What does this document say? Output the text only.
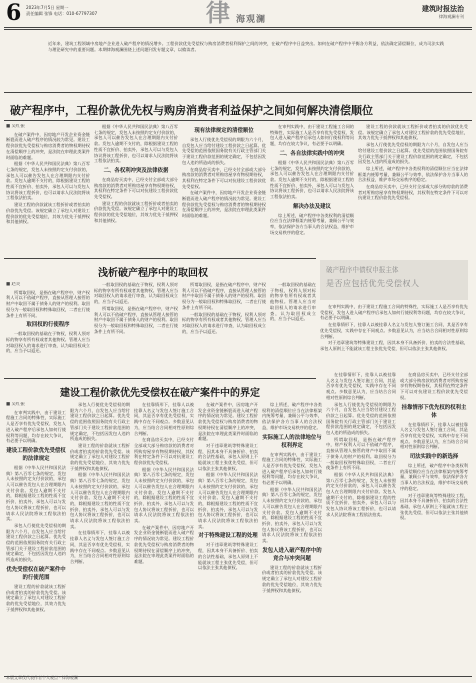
6 2023年7月5日 星期一
责任编辑 张锋 电话：010-67797307	律 海观澜
建筑时报法治
律海观澜专刊
近年来，建筑工程领域中房地产企业进入破产程序的情况增多。工程价款优先受偿权与购房消费者权利保护之间的冲突，在破产程序中日益突出。如何在破产程序中平衡各方利益，依法确定清偿顺位，成为司法实践与理论研究中的重要问题。本期律海观澜围绕上述问题刊发专题文章，以飨读者。
破产程序中，工程价款优先权与购房消费者利益保护之间如何解决清偿顺位

■ 吴红振

在破产案件中，因房地产开发企业资金链断裂而进入破产程序的情况较为常见。建设工程价款优先受偿权与购房消费者的物权期待权在清偿顺序上的冲突，是法院在审理此类案件时面临的难题。

根据《中华人民共和国民法典》第八百零七条的规定，发包人未按照约定支付价款的，承包人可以催告发包人在合理期限内支付价款。发包人逾期不支付的，除根据建设工程的性质不宜折价、拍卖外，承包人可以与发包人协议将该工程折价，也可以请求人民法院将该工程依法拍卖。

建设工程的价款就该工程折价或者拍卖的价款优先受偿。该规定确立了承包人对建设工程价款的优先受偿地位，其效力优先于抵押权和其他债权。

根据《中华人民共和国民法典》第八百零七条的规定，发包人未按照约定支付价款的，承包人可以催告发包人在合理期限内支付价款。发包人逾期不支付的，除根据建设工程的性质不宜折价、拍卖外，承包人可以与发包人协议将该工程折价，也可以请求人民法院将该工程依法拍卖。

二、各权利冲突及法律依据

在商品房买卖中，已经支付全部或大部分购房款的消费者对所购房屋享有物权期待权，其权利在特定条件下可以对抗建设工程价款优先受偿权。

建设工程的价款就该工程折价或者拍卖的价款优先受偿。该规定确立了承包人对建设工程价款的优先受偿地位，其效力优先于抵押权和其他债权。

现有法律规定的清偿顺位

承包人行使优先受偿权的期限为六个月，自发包人应当给付建设工程价款之日起算。优先受偿的范围依照国务院有关行政主管部门关于建设工程价款范围的规定确定，不包括因发包人违约所造成的损失。

在商品房买卖中，已经支付全部或大部分购房款的消费者对所购房屋享有物权期待权，其权利在特定条件下可以对抗建设工程价款优先受偿权。

在破产案件中，因房地产开发企业资金链断裂而进入破产程序的情况较为常见。建设工程价款优先受偿权与购房消费者的物权期待权在清偿顺序上的冲突，是法院在审理此类案件时面临的难题。

在审判实践中，由于建设工程施工合同的特殊性，实际施工人是否享有优先受偿权、发包人进入破产程序后承包人如何行使权利等问题，均存在较大争议，有必要予以明确。

二、各自法律实践中的冲突

根据《中华人民共和国民法典》第八百零七条的规定，发包人未按照约定支付价款的，承包人可以催告发包人在合理期限内支付价款。发包人逾期不支付的，除根据建设工程的性质不宜折价、拍卖外，承包人可以与发包人协议将该工程折价，也可以请求人民法院将该工程依法拍卖。

解决办法及建议

综上所述，破产程序中各类权利的清偿顺位应当在法律框架内统筹考量，兼顾公平与效率，依法保护各方当事人的合法权益，维护市场交易秩序的稳定。

建设工程的价款就该工程折价或者拍卖的价款优先受偿。该规定确立了承包人对建设工程价款的优先受偿地位，其效力优先于抵押权和其他债权。

承包人行使优先受偿权的期限为六个月，自发包人应当给付建设工程价款之日起算。优先受偿的范围依照国务院有关行政主管部门关于建设工程价款范围的规定确定，不包括因发包人违约所造成的损失。

综上所述，破产程序中各类权利的清偿顺位应当在法律框架内统筹考量，兼顾公平与效率，依法保护各方当事人的合法权益，维护市场交易秩序的稳定。

在商品房买卖中，已经支付全部或大部分购房款的消费者对所购房屋享有物权期待权，其权利在特定条件下可以对抗建设工程价款优先受偿权。

浅析破产程序中的取回权

■ 赵炎

所谓取回权，是指在破产程序中，财产权利人可以不依破产程序，直接从管理人接管的财产中取回不属于债务人的财产的权利。取回权分为一般取回权和特殊取回权，二者在行使条件上有所不同。

取回权的行使程序

一般取回权的基础在于物权，权利人须对标的物享有所有权或者其他物权。管理人应当对取回权人的请求进行审查，认为取回权成立的，应当予以返还。

一般取回权的基础在于物权，权利人须对标的物享有所有权或者其他物权。管理人应当对取回权人的请求进行审查，认为取回权成立的，应当予以返还。

所谓取回权，是指在破产程序中，财产权利人可以不依破产程序，直接从管理人接管的财产中取回不属于债务人的财产的权利。取回权分为一般取回权和特殊取回权，二者在行使条件上有所不同。

所谓取回权，是指在破产程序中，财产权利人可以不依破产程序，直接从管理人接管的财产中取回不属于债务人的财产的权利。取回权分为一般取回权和特殊取回权，二者在行使条件上有所不同。

一般取回权的基础在于物权，权利人须对标的物享有所有权或者其他物权。管理人应当对取回权人的请求进行审查，认为取回权成立的，应当予以返还。

一般取回权的基础在于物权，权利人须对标的物享有所有权或者其他物权。管理人应当对取回权人的请求进行审查，认为取回权成立的，应当予以返还。

破产程序中债权申报主体
是否应包括优先受偿权人

在审判实践中，由于建设工程施工合同的特殊性，实际施工人是否享有优先受偿权、发包人进入破产程序后承包人如何行使权利等问题，均存在较大争议，有必要予以明确。

在挂靠情形下，挂靠人以被挂靠人名义与发包人签订施工合同，其是否享有优先受偿权，实践中存在不同观点。多数意见认为，应当结合合同相对性原则综合判断。

对于违章建筑等特殊建设工程，因其本身不具备折价、拍卖的合法性基础，承包人原则上不能就该工程主张优先受偿，但可以依法主张其他债权。

建设工程价款优先受偿权在破产案件中的界定

■ 吴红振

在审判实践中，由于建设工程施工合同的特殊性，实际施工人是否享有优先受偿权、发包人进入破产程序后承包人如何行使权利等问题，均存在较大争议，有必要予以明确。

建设工程价款优先受偿权的法律规定

根据《中华人民共和国民法典》第八百零七条的规定，发包人未按照约定支付价款的，承包人可以催告发包人在合理期限内支付价款。发包人逾期不支付的，除根据建设工程的性质不宜折价、拍卖外，承包人可以与发包人协议将该工程折价，也可以请求人民法院将该工程依法拍卖。

承包人行使优先受偿权的期限为六个月，自发包人应当给付建设工程价款之日起算。优先受偿的范围依照国务院有关行政主管部门关于建设工程价款范围的规定确定，不包括因发包人违约所造成的损失。

优先受偿权在破产案件中的行使范围

建设工程的价款就该工程折价或者拍卖的价款优先受偿。该规定确立了承包人对建设工程价款的优先受偿地位，其效力优先于抵押权和其他债权。

承包人行使优先受偿权的期限为六个月，自发包人应当给付建设工程价款之日起算。优先受偿的范围依照国务院有关行政主管部门关于建设工程价款范围的规定确定，不包括因发包人违约所造成的损失。

建设工程的价款就该工程折价或者拍卖的价款优先受偿。该规定确立了承包人对建设工程价款的优先受偿地位，其效力优先于抵押权和其他债权。

根据《中华人民共和国民法典》第八百零七条的规定，发包人未按照约定支付价款的，承包人可以催告发包人在合理期限内支付价款。发包人逾期不支付的，除根据建设工程的性质不宜折价、拍卖外，承包人可以与发包人协议将该工程折价，也可以请求人民法院将该工程依法拍卖。

在挂靠情形下，挂靠人以被挂靠人名义与发包人签订施工合同，其是否享有优先受偿权，实践中存在不同观点。多数意见认为，应当结合合同相对性原则综合判断。

在挂靠情形下，挂靠人以被挂靠人名义与发包人签订施工合同，其是否享有优先受偿权，实践中存在不同观点。多数意见认为，应当结合合同相对性原则综合判断。

在商品房买卖中，已经支付全部或大部分购房款的消费者对所购房屋享有物权期待权，其权利在特定条件下可以对抗建设工程价款优先受偿权。

根据《中华人民共和国民法典》第八百零七条的规定，发包人未按照约定支付价款的，承包人可以催告发包人在合理期限内支付价款。发包人逾期不支付的，除根据建设工程的性质不宜折价、拍卖外，承包人可以与发包人协议将该工程折价，也可以请求人民法院将该工程依法拍卖。

在破产案件中，因房地产开发企业资金链断裂而进入破产程序的情况较为常见。建设工程价款优先受偿权与购房消费者的物权期待权在清偿顺序上的冲突，是法院在审理此类案件时面临的难题。

在破产案件中，因房地产开发企业资金链断裂而进入破产程序的情况较为常见。建设工程价款优先受偿权与购房消费者的物权期待权在清偿顺序上的冲突，是法院在审理此类案件时面临的难题。

对于违章建筑等特殊建设工程，因其本身不具备折价、拍卖的合法性基础，承包人原则上不能就该工程主张优先受偿，但可以依法主张其他债权。

根据《中华人民共和国民法典》第八百零七条的规定，发包人未按照约定支付价款的，承包人可以催告发包人在合理期限内支付价款。发包人逾期不支付的，除根据建设工程的性质不宜折价、拍卖外，承包人可以与发包人协议将该工程折价，也可以请求人民法院将该工程依法拍卖。

对于特殊建设工程的处理

对于违章建筑等特殊建设工程，因其本身不具备折价、拍卖的合法性基础，承包人原则上不能就该工程主张优先受偿，但可以依法主张其他债权。

综上所述，破产程序中各类权利的清偿顺位应当在法律框架内统筹考量，兼顾公平与效率，依法保护各方当事人的合法权益，维护市场交易秩序的稳定。

实际施工人的法律地位与权利界定

在审判实践中，由于建设工程施工合同的特殊性，实际施工人是否享有优先受偿权、发包人进入破产程序后承包人如何行使权利等问题，均存在较大争议，有必要予以明确。

根据《中华人民共和国民法典》第八百零七条的规定，发包人未按照约定支付价款的，承包人可以催告发包人在合理期限内支付价款。发包人逾期不支付的，除根据建设工程的性质不宜折价、拍卖外，承包人可以与发包人协议将该工程折价，也可以请求人民法院将该工程依法拍卖。

发包人进入破产程序中的竞合与冲突问题

建设工程的价款就该工程折价或者拍卖的价款优先受偿。该规定确立了承包人对建设工程价款的优先受偿地位，其效力优先于抵押权和其他债权。

在挂靠情形下，挂靠人以被挂靠人名义与发包人签订施工合同，其是否享有优先受偿权，实践中存在不同观点。多数意见认为，应当结合合同相对性原则综合判断。

承包人行使优先受偿权的期限为六个月，自发包人应当给付建设工程价款之日起算。优先受偿的范围依照国务院有关行政主管部门关于建设工程价款范围的规定确定，不包括因发包人违约所造成的损失。

所谓取回权，是指在破产程序中，财产权利人可以不依破产程序，直接从管理人接管的财产中取回不属于债务人的财产的权利。取回权分为一般取回权和特殊取回权，二者在行使条件上有所不同。

根据《中华人民共和国民法典》第八百零七条的规定，发包人未按照约定支付价款的，承包人可以催告发包人在合理期限内支付价款。发包人逾期不支付的，除根据建设工程的性质不宜折价、拍卖外，承包人可以与发包人协议将该工程折价，也可以请求人民法院将该工程依法拍卖。

在商品房买卖中，已经支付全部或大部分购房款的消费者对所购房屋享有物权期待权，其权利在特定条件下可以对抗建设工程价款优先受偿权。

挂靠情形下优先权的权利主体

在挂靠情形下，挂靠人以被挂靠人名义与发包人签订施工合同，其是否享有优先受偿权，实践中存在不同观点。多数意见认为，应当结合合同相对性原则综合判断。

司法实践中的新选择

综上所述，破产程序中各类权利的清偿顺位应当在法律框架内统筹考量，兼顾公平与效率，依法保护各方当事人的合法权益，维护市场交易秩序的稳定。

对于违章建筑等特殊建设工程，因其本身不具备折价、拍卖的合法性基础，承包人原则上不能就该工程主张优先受偿，但可以依法主张其他债权。

本版文章仅代表作者个人观点 · 律海观澜
